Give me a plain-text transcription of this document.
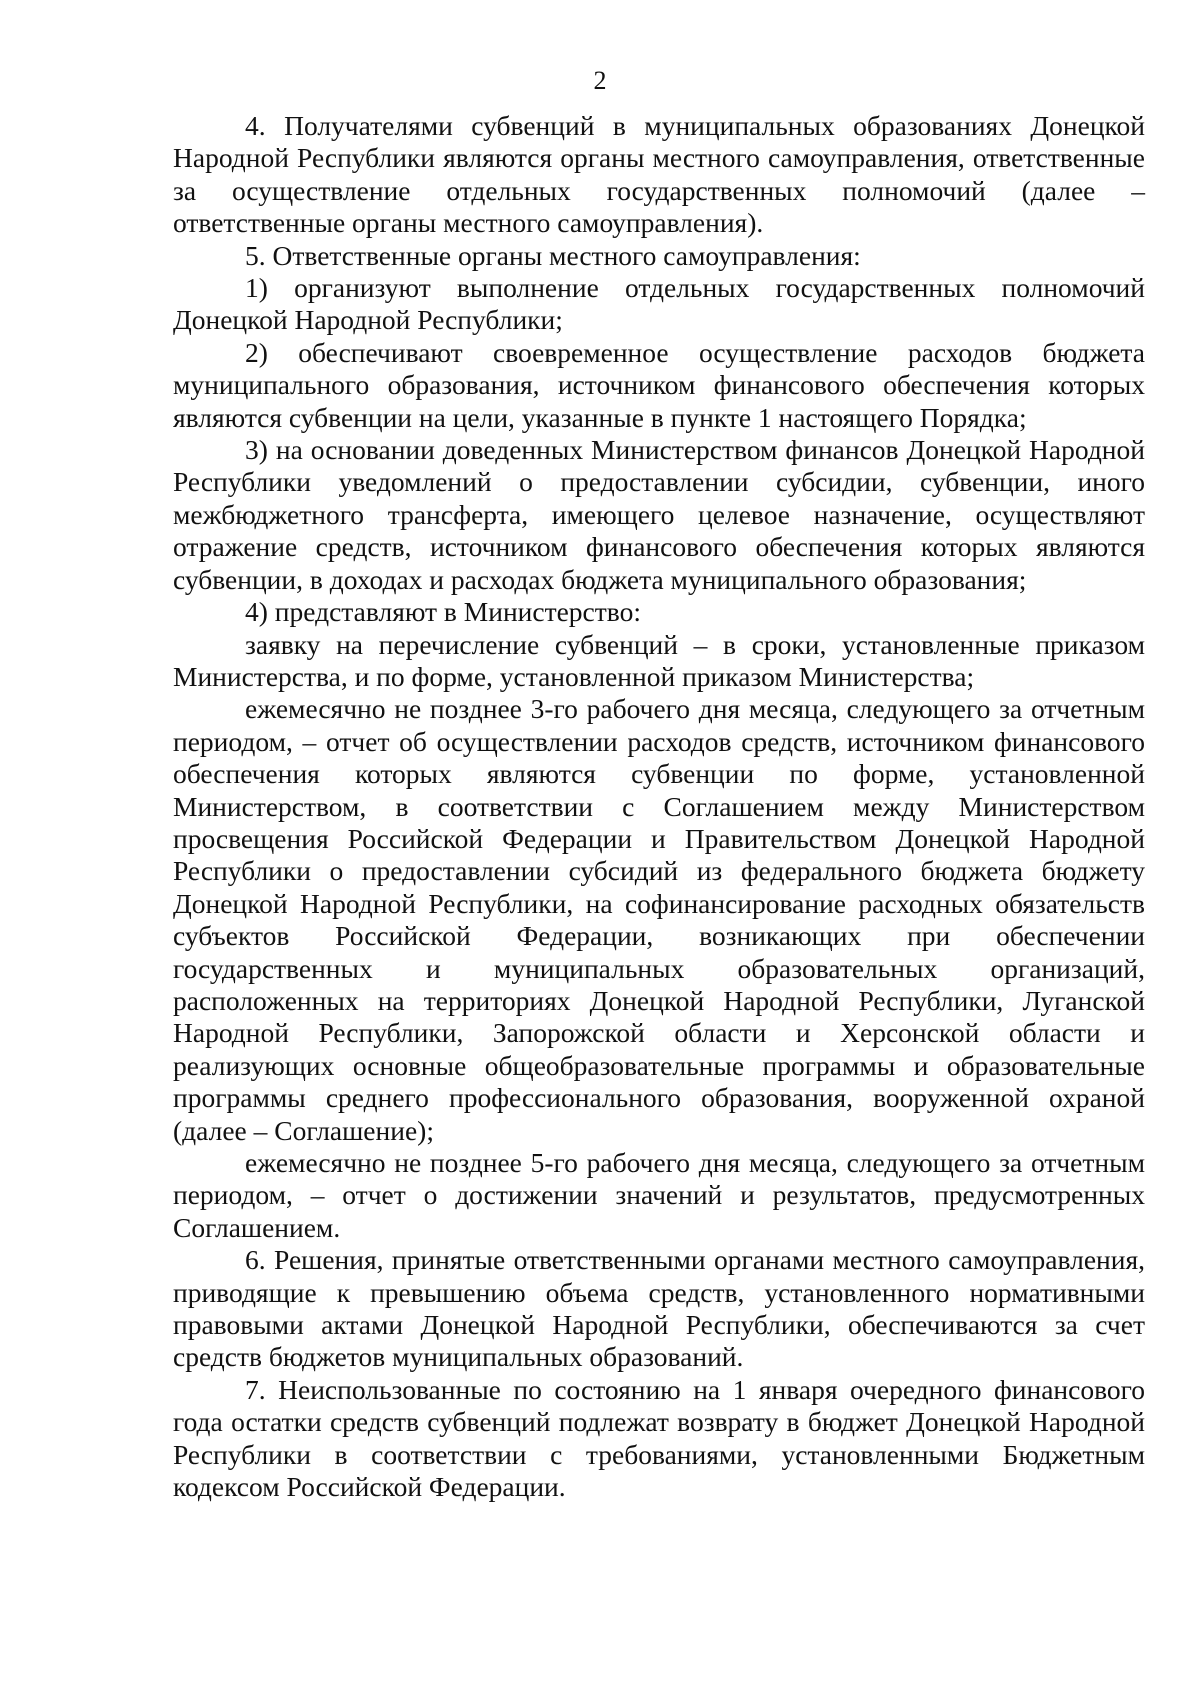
2

4. Получателями субвенций в муниципальных образованиях Донецкой Народной Республики являются органы местного самоуправления, ответственные за осуществление отдельных государственных полномочий (далее – ответственные органы местного самоуправления).

5. Ответственные органы местного самоуправления:

1) организуют выполнение отдельных государственных полномочий Донецкой Народной Республики;

2) обеспечивают своевременное осуществление расходов бюджета муниципального образования, источником финансового обеспечения которых являются субвенции на цели, указанные в пункте 1 настоящего Порядка;

3) на основании доведенных Министерством финансов Донецкой Народной Республики уведомлений о предоставлении субсидии, субвенции, иного межбюджетного трансферта, имеющего целевое назначение, осуществляют отражение средств, источником финансового обеспечения которых являются субвенции, в доходах и расходах бюджета муниципального образования;

4) представляют в Министерство:

заявку на перечисление субвенций – в сроки, установленные приказом Министерства, и по форме, установленной приказом Министерства;

ежемесячно не позднее 3-го рабочего дня месяца, следующего за отчетным периодом, – отчет об осуществлении расходов средств, источником финансового обеспечения которых являются субвенции по форме, установленной Министерством, в соответствии с Соглашением между Министерством просвещения Российской Федерации и Правительством Донецкой Народной Республики о предоставлении субсидий из федерального бюджета бюджету Донецкой Народной Республики, на софинансирование расходных обязательств субъектов Российской Федерации, возникающих при обеспечении государственных и муниципальных образовательных организаций, расположенных на территориях Донецкой Народной Республики, Луганской Народной Республики, Запорожской области и Херсонской области и реализующих основные общеобразовательные программы и образовательные программы среднего профессионального образования, вооруженной охраной (далее – Соглашение);

ежемесячно не позднее 5-го рабочего дня месяца, следующего за отчетным периодом, – отчет о достижении значений и результатов, предусмотренных Соглашением.

6. Решения, принятые ответственными органами местного самоуправления, приводящие к превышению объема средств, установленного нормативными правовыми актами Донецкой Народной Республики, обеспечиваются за счет средств бюджетов муниципальных образований.

7. Неиспользованные по состоянию на 1 января очередного финансового года остатки средств субвенций подлежат возврату в бюджет Донецкой Народной Республики в соответствии с требованиями, установленными Бюджетным кодексом Российской Федерации.
